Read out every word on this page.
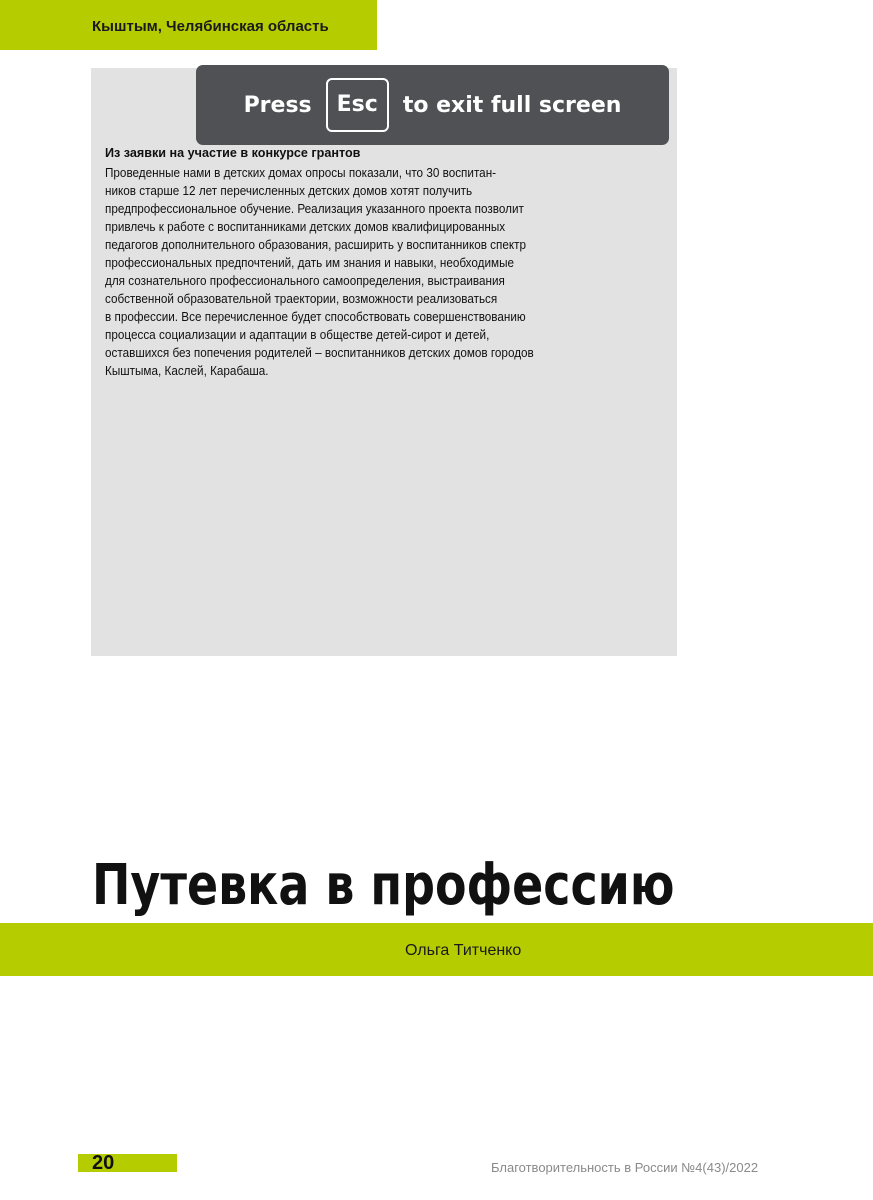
Кыштым, Челябинская область
Из заявки на участие в конкурсе грантов
Проведенные нами в детских домах опросы показали, что 30 воспитан-
ников старше 12 лет перечисленных детских домов хотят получить
предпрофессиональное обучение. Реализация указанного проекта позволит
привлечь к работе с воспитанниками детских домов квалифицированных
педагогов дополнительного образования, расширить у воспитанников спектр
профессиональных предпочтений, дать им знания и навыки, необходимые
для сознательного профессионального самоопределения, выстраивания
собственной образовательной траектории, возможности реализоваться
в профессии. Все перечисленное будет способствовать совершенствованию
процесса социализации и адаптации в обществе детей-сирот и детей,
оставшихся без попечения родителей – воспитанников детских домов городов
Кыштыма, Каслей, Карабаша.
Press	Esc	to exit full screen
Путевка в профессию
Ольга Титченко
20	Благотворительность в России №4(43)/2022
